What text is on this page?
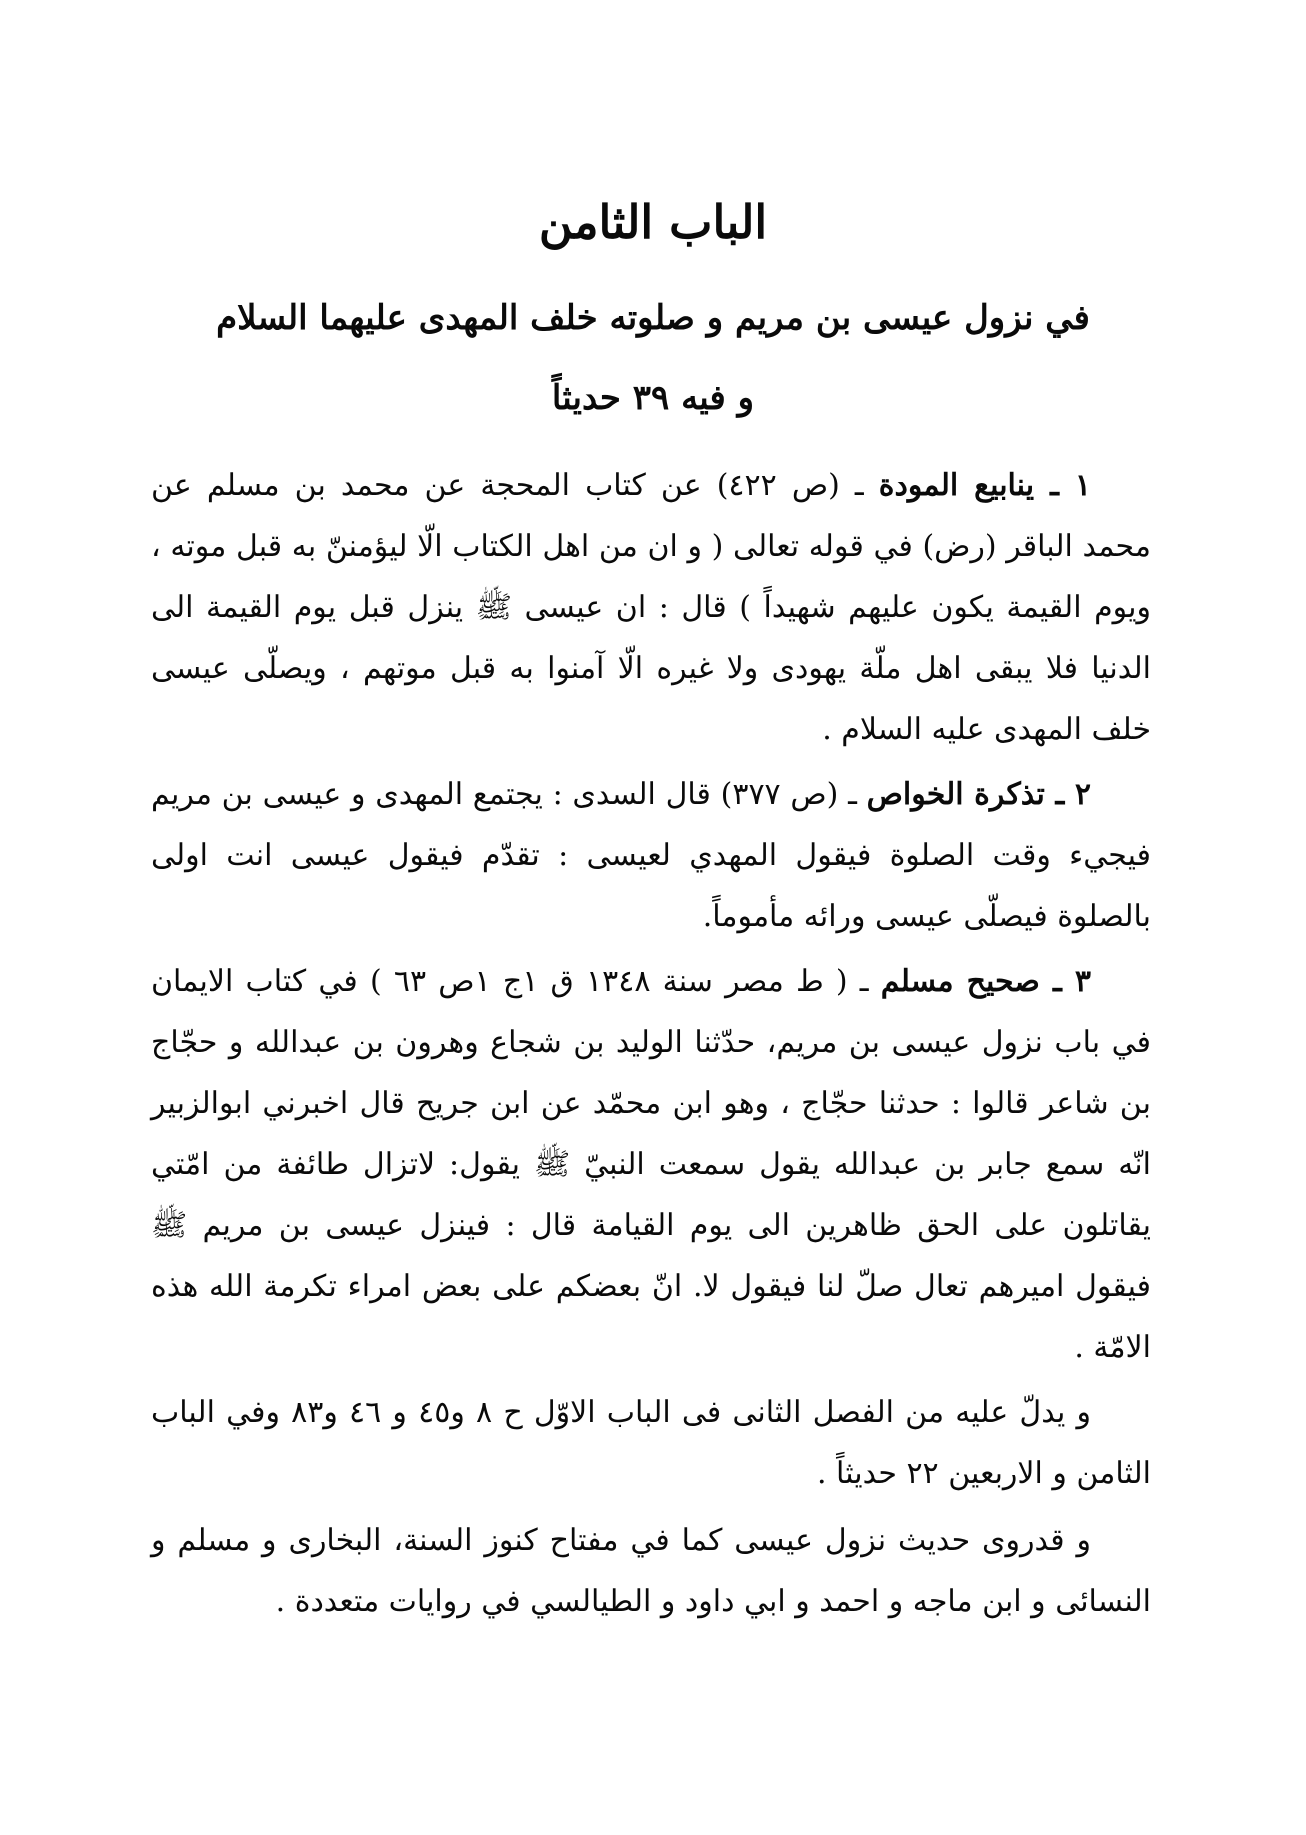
الباب الثامن
في نزول عيسى بن مريم و صلوته خلف المهدى عليهما السلام
و فيه ٣٩ حديثاً

١ ـ ينابيع المودة ـ (ص ٤٢٢) عن كتاب المحجة عن محمد بن مسلم عن محمد الباقر (رض) في قوله تعالى ( و ان من اهل الكتاب الّا ليؤمننّ به قبل موته ، ويوم القيمة يكون عليهم شهيداً ) قال : ان عيسى ﷺ ينزل قبل يوم القيمة الى الدنيا فلا يبقى اهل ملّة يهودى ولا غيره الّا آمنوا به قبل موتهم ، ويصلّى عيسى خلف المهدى عليه السلام .

٢ ـ تذكرة الخواص ـ (ص ٣٧٧) قال السدى : يجتمع المهدى و عيسى بن مريم فيجيء وقت الصلوة فيقول المهدي لعيسى : تقدّم فيقول عيسى انت اولى بالصلوة فيصلّى عيسى ورائه مأموماً.

٣ ـ صحيح مسلم ـ ( ط مصر سنة ١٣٤٨ ق ١ج ١ص ٦٣ ) في كتاب الايمان في باب نزول عيسى بن مريم، حدّثنا الوليد بن شجاع وهرون بن عبدالله و حجّاج بن شاعر قالوا : حدثنا حجّاج ، وهو ابن محمّد عن ابن جريح قال اخبرني ابوالزبير انّه سمع جابر بن عبدالله يقول سمعت النبيّ ﷺ يقول: لاتزال طائفة من امّتي يقاتلون على الحق ظاهرين الى يوم القيامة قال : فينزل عيسى بن مريم ﷺ فيقول اميرهم تعال صلّ لنا فيقول لا. انّ بعضكم على بعض امراء تكرمة الله هذه الامّة .

و يدلّ عليه من الفصل الثانى فى الباب الاوّل ح ٨ و٤٥ و ٤٦ و٨٣ وفي الباب الثامن و الاربعين ٢٢ حديثاً .

و قدروى حديث نزول عيسى كما في مفتاح كنوز السنة، البخارى و مسلم و النسائى و ابن ماجه و احمد و ابي داود و الطيالسي في روايات متعددة .
